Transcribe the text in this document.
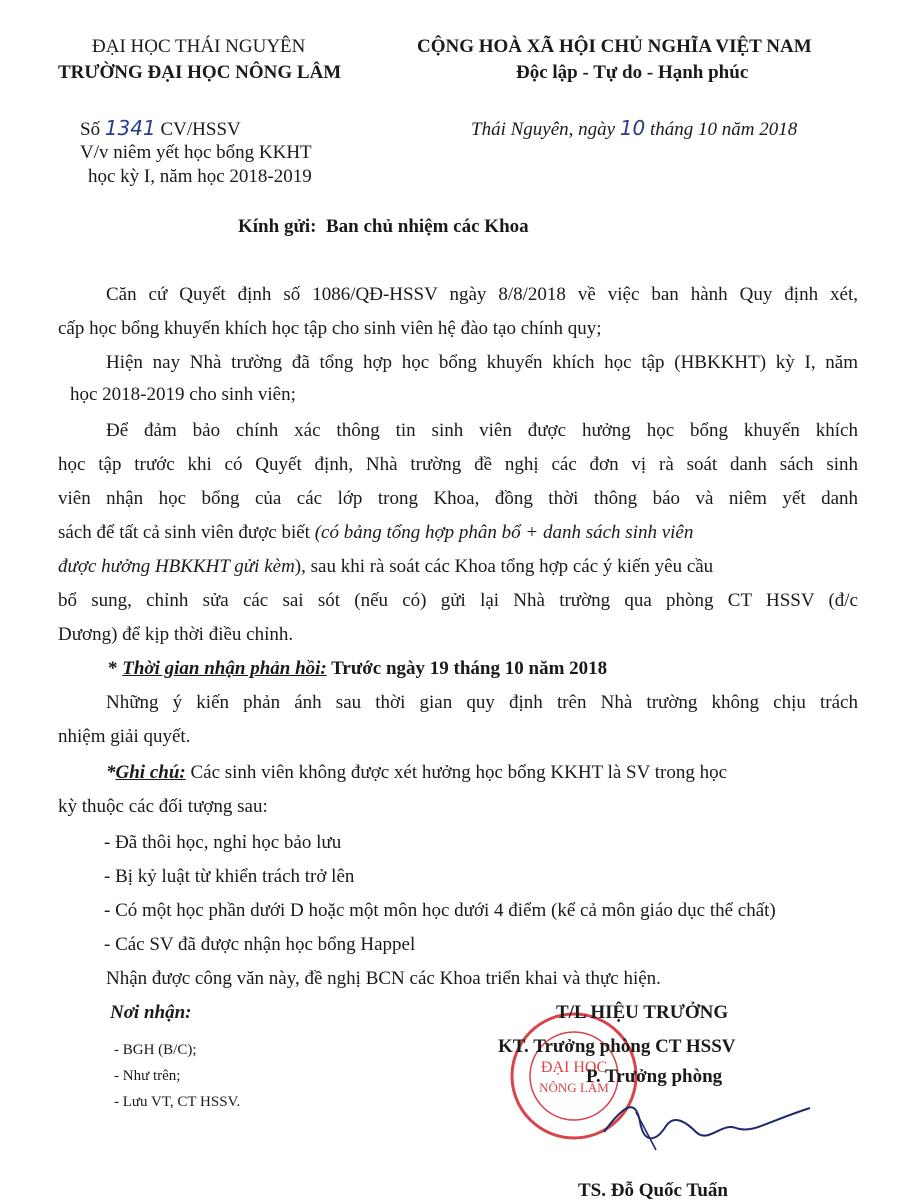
ĐẠI HỌC THÁI NGUYÊN
TRƯỜNG ĐẠI HỌC NÔNG LÂM
CỘNG HOÀ XÃ HỘI CHỦ NGHĨA VIỆT NAM
Độc lập - Tự do - Hạnh phúc
Số 1341 CV/HSSV
V/v niêm yết học bổng KKHT
học kỳ I, năm học 2018-2019
Thái Nguyên, ngày 10 tháng 10 năm 2018
Kính gửi: Ban chủ nhiệm các Khoa
Căn cứ Quyết định số 1086/QĐ-HSSV ngày 8/8/2018 về việc ban hành Quy định xét,
cấp học bổng khuyến khích học tập cho sinh viên hệ đào tạo chính quy;
Hiện nay Nhà trường đã tổng hợp học bổng khuyến khích học tập (HBKKHT) kỳ I, năm
học 2018-2019 cho sinh viên;
Để đảm bảo chính xác thông tin sinh viên được hưởng học bổng khuyến khích
học tập trước khi có Quyết định, Nhà trường đề nghị các đơn vị rà soát danh sách sinh
viên nhận học bổng của các lớp trong Khoa, đồng thời thông báo và niêm yết danh
sách để tất cả sinh viên được biết (có bảng tổng hợp phân bổ + danh sách sinh viên
được hưởng HBKKHT gửi kèm), sau khi rà soát các Khoa tổng hợp các ý kiến yêu cầu
bổ sung, chỉnh sửa các sai sót (nếu có) gửi lại Nhà trường qua phòng CT HSSV (đ/c
Dương) để kịp thời điều chỉnh.
* Thời gian nhận phản hồi: Trước ngày 19 tháng 10 năm 2018
Những ý kiến phản ánh sau thời gian quy định trên Nhà trường không chịu trách
nhiệm giải quyết.
*Ghi chú: Các sinh viên không được xét hưởng học bổng KKHT là SV trong học
kỳ thuộc các đối tượng sau:
- Đã thôi học, nghỉ học bảo lưu
- Bị kỷ luật từ khiển trách trở lên
- Có một học phần dưới D hoặc một môn học dưới 4 điểm (kể cả môn giáo dục thể chất)
- Các SV đã được nhận học bổng Happel
Nhận được công văn này, đề nghị BCN các Khoa triển khai và thực hiện.
Nơi nhận:
- BGH (B/C);
- Như trên;
- Lưu VT, CT HSSV.
ĐẠI HỌC
NÔNG LÂM
T/L HIỆU TRƯỞNG
KT. Trưởng phòng CT HSSV
P. Trưởng phòng
TS. Đỗ Quốc Tuấn
